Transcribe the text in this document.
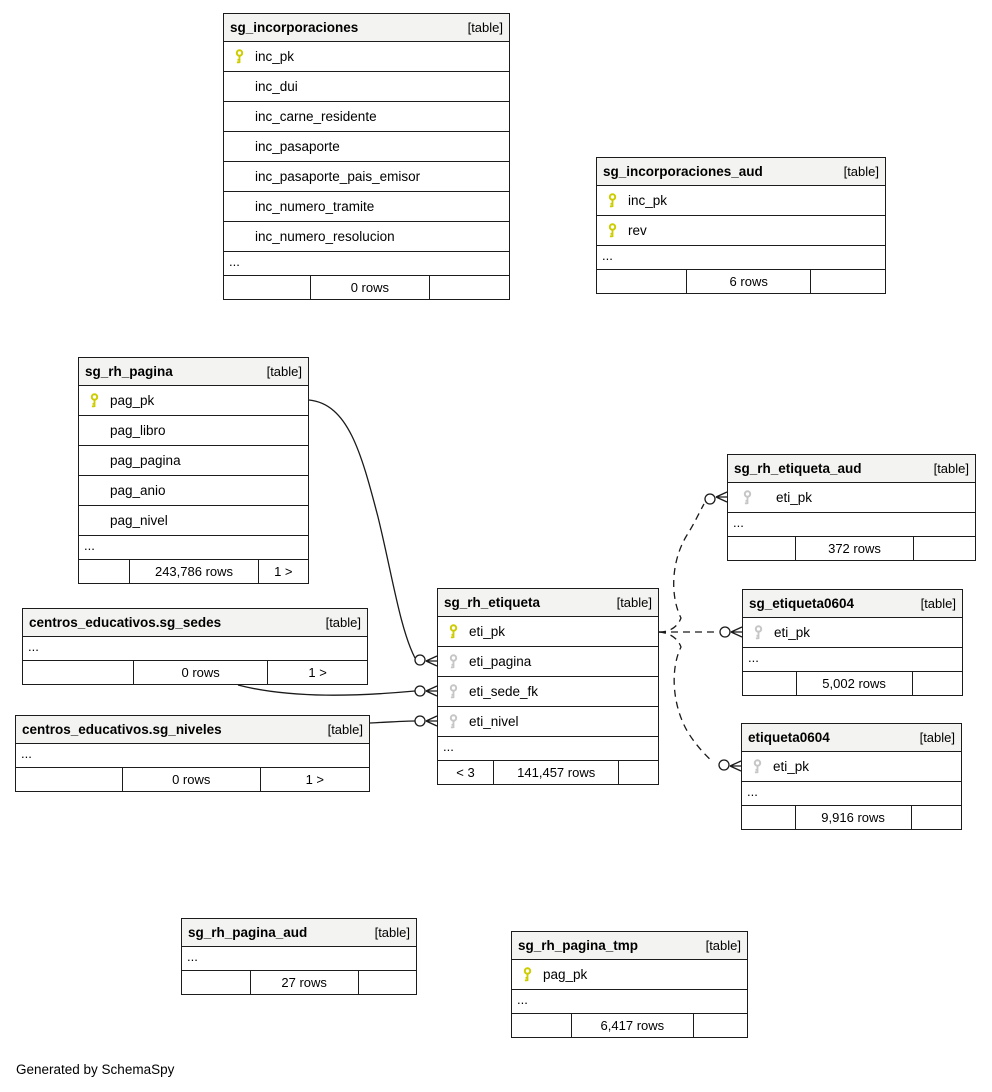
sg_incorporaciones	[table]
inc_pk
inc_dui
inc_carne_residente
inc_pasaporte
inc_pasaporte_pais_emisor
inc_numero_tramite
inc_numero_resolucion
...
0 rows
sg_incorporaciones_aud	[table]
inc_pk
rev
...
6 rows
sg_rh_pagina	[table]
pag_pk
pag_libro
pag_pagina
pag_anio
pag_nivel
...
243,786 rows	1 >
sg_rh_etiqueta_aud	[table]
eti_pk
...
372 rows
centros_educativos.sg_sedes	[table]
...
0 rows	1 >
sg_rh_etiqueta	[table]
eti_pk
eti_pagina
eti_sede_fk
eti_nivel
...
< 3	141,457 rows
sg_etiqueta0604	[table]
eti_pk
...
5,002 rows
centros_educativos.sg_niveles	[table]
...
0 rows	1 >
etiqueta0604	[table]
eti_pk
...
9,916 rows
sg_rh_pagina_aud	[table]
...
27 rows
sg_rh_pagina_tmp	[table]
pag_pk
...
6,417 rows
Generated by SchemaSpy
